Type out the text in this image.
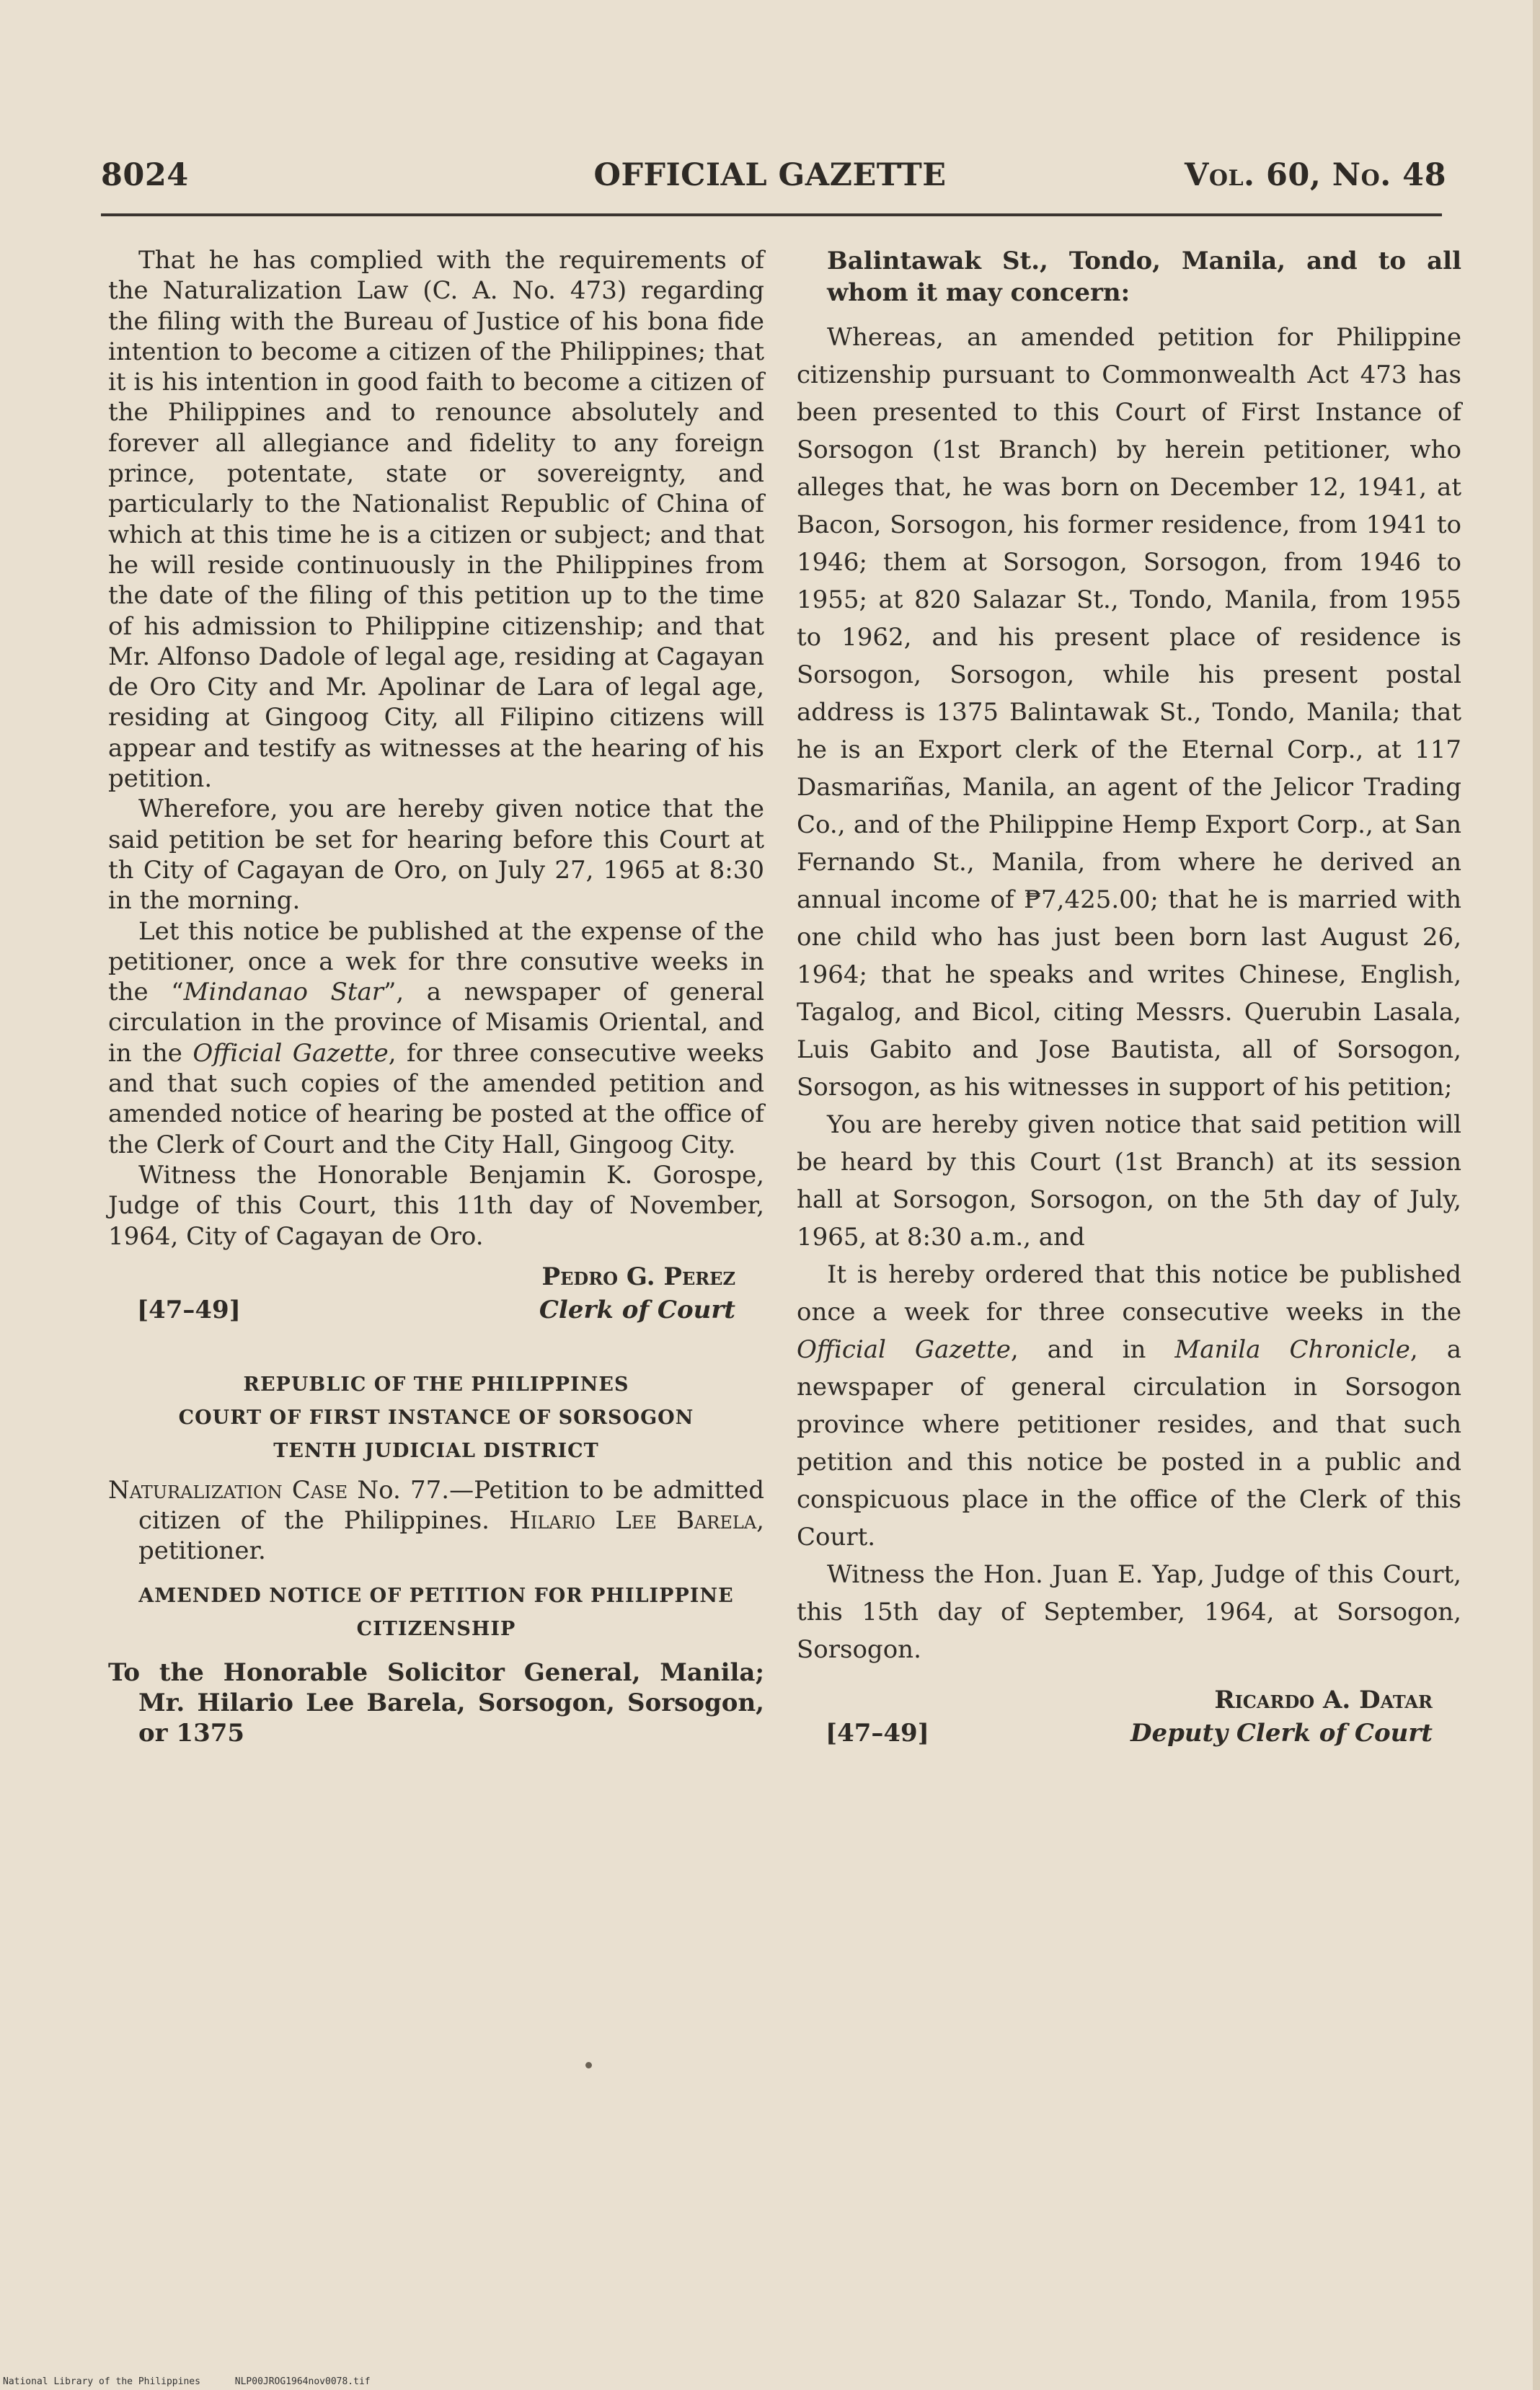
8024	OFFICIAL GAZETTE	Vol. 60, No. 48

That he has complied with the requirements of the Naturalization Law (C. A. No. 473) regarding the filing with the Bureau of Justice of his bona fide intention to become a citizen of the Philippines; that it is his intention in good faith to become a citizen of the Philippines and to renounce absolutely and forever all allegiance and fidelity to any foreign prince, potentate, state or sovereignty, and particularly to the Nationalist Republic of China of which at this time he is a citizen or subject; and that he will reside continuously in the Philippines from the date of the filing of this petition up to the time of his admission to Philippine citizenship; and that Mr. Alfonso Dadole of legal age, residing at Cagayan de Oro City and Mr. Apolinar de Lara of legal age, residing at Gingoog City, all Filipino citizens will appear and testify as witnesses at the hearing of his petition.

Wherefore, you are hereby given notice that the said petition be set for hearing before this Court at th City of Cagayan de Oro, on July 27, 1965 at 8:30 in the morning.

Let this notice be published at the expense of the petitioner, once a wek for thre consutive weeks in the “Mindanao Star”, a newspaper of general circulation in the province of Misamis Oriental, and in the Official Gazette, for three consecutive weeks and that such copies of the amended petition and amended notice of hearing be posted at the office of the Clerk of Court and the City Hall, Gingoog City.

Witness the Honorable Benjamin K. Gorospe, Judge of this Court, this 11th day of November, 1964, City of Cagayan de Oro.

Pedro G. Perez
[47–49]	Clerk of Court
REPUBLIC OF THE PHILIPPINES
COURT OF FIRST INSTANCE OF SORSOGON
TENTH JUDICIAL DISTRICT

Naturalization Case No. 77.—Petition to be admitted citizen of the Philippines. Hilario Lee Barela, petitioner.

AMENDED NOTICE OF PETITION FOR PHILIPPINE CITIZENSHIP

To the Honorable Solicitor General, Manila; Mr. Hilario Lee Barela, Sorsogon, Sorsogon, or 1375

Balintawak St., Tondo, Manila, and to all whom it may concern:

Whereas, an amended petition for Philippine citizenship pursuant to Commonwealth Act 473 has been presented to this Court of First Instance of Sorsogon (1st Branch) by herein petitioner, who alleges that, he was born on December 12, 1941, at Bacon, Sorsogon, his former residence, from 1941 to 1946; them at Sorsogon, Sorsogon, from 1946 to 1955; at 820 Salazar St., Tondo, Manila, from 1955 to 1962, and his present place of residence is Sorsogon, Sorsogon, while his present postal address is 1375 Balintawak St., Tondo, Manila; that he is an Export clerk of the Eternal Corp., at 117 Dasmariñas, Manila, an agent of the Jelicor Trading Co., and of the Philippine Hemp Export Corp., at San Fernando St., Manila, from where he derived an annual income of ₱7,425.00; that he is married with one child who has just been born last August 26, 1964; that he speaks and writes Chinese, English, Tagalog, and Bicol, citing Messrs. Querubin Lasala, Luis Gabito and Jose Bautista, all of Sorsogon, Sorsogon, as his witnesses in support of his petition;

You are hereby given notice that said petition will be heard by this Court (1st Branch) at its session hall at Sorsogon, Sorsogon, on the 5th day of July, 1965, at 8:30 a.m., and

It is hereby ordered that this notice be published once a week for three consecutive weeks in the Official Gazette, and in Manila Chronicle, a newspaper of general circulation in Sorsogon province where petitioner resides, and that such petition and this notice be posted in a public and conspicuous place in the office of the Clerk of this Court.

Witness the Hon. Juan E. Yap, Judge of this Court, this 15th day of September, 1964, at Sorsogon, Sorsogon.

Ricardo A. Datar
[47–49]	Deputy Clerk of Court
National Library of the Philippines	NLP00JROG1964nov0078.tif
